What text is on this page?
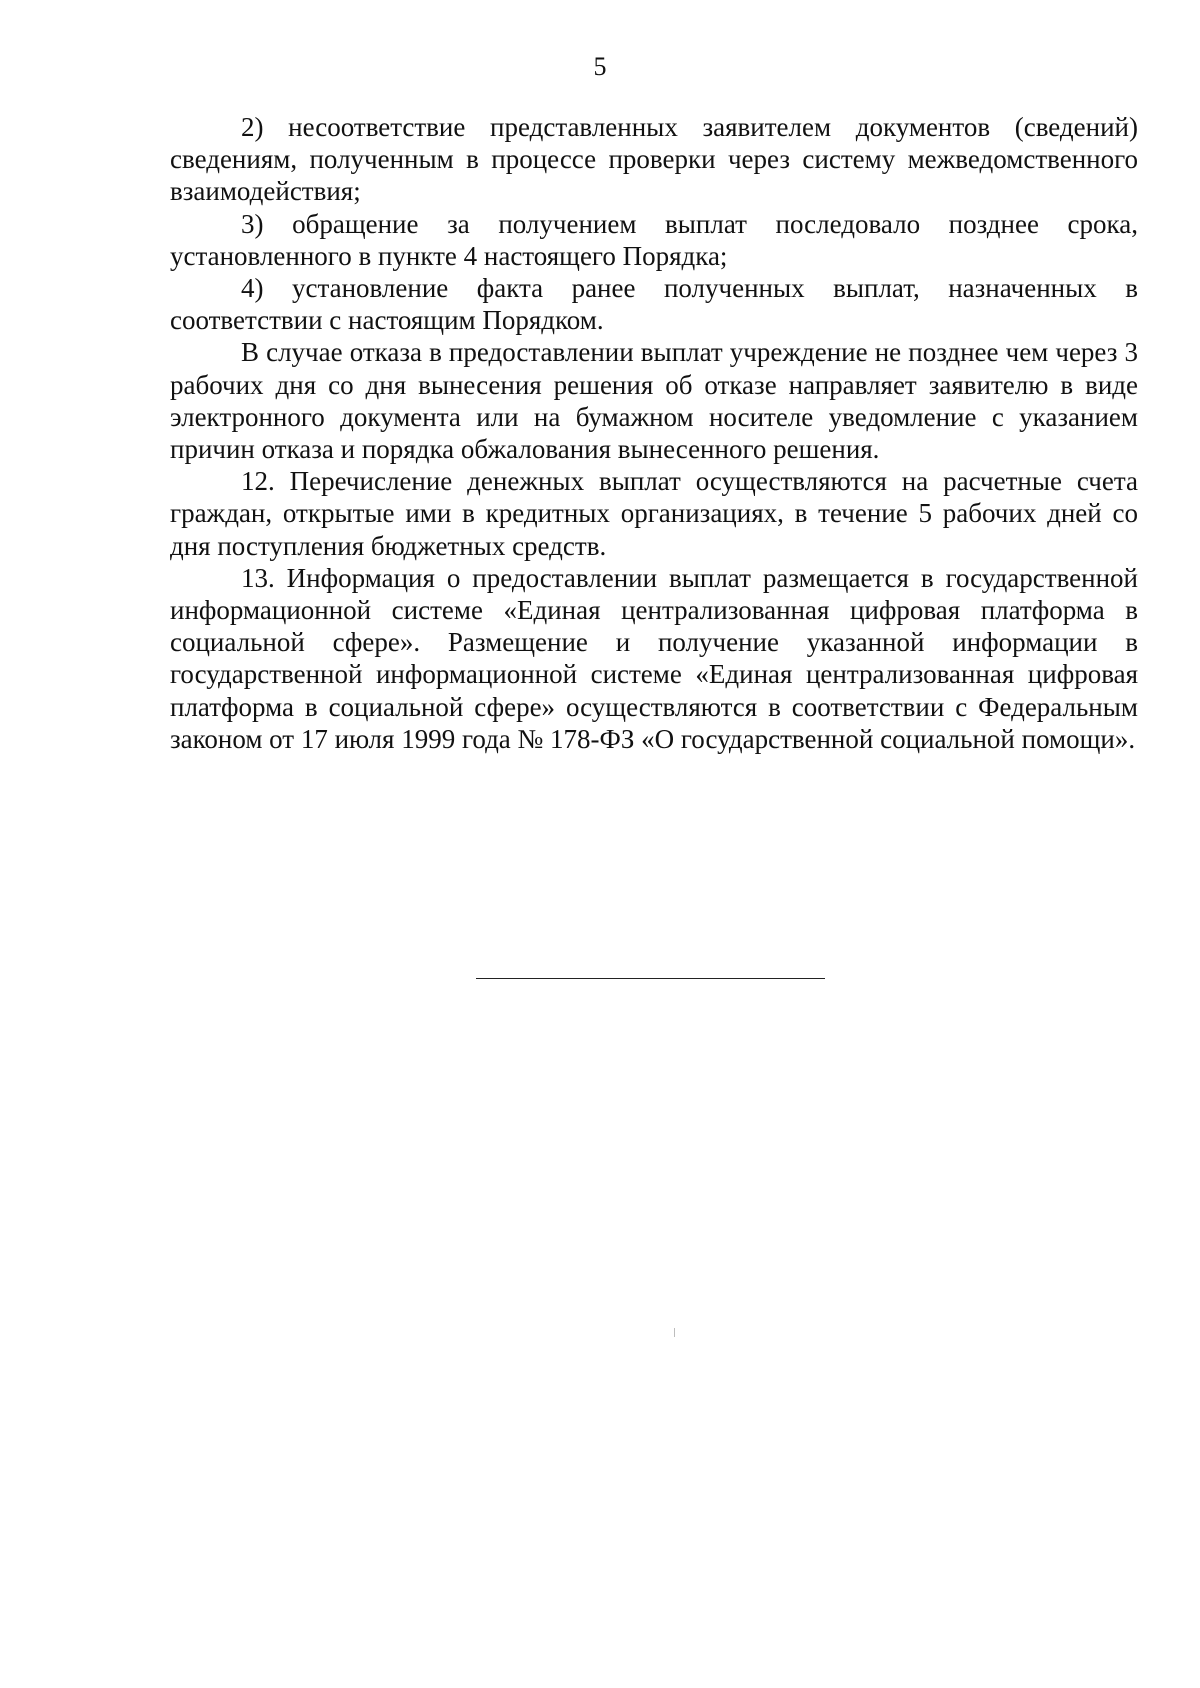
5

2) несоответствие представленных заявителем документов (сведений) сведениям, полученным в процессе проверки через систему межведомственного взаимодействия;

3) обращение за получением выплат последовало позднее срока, установленного в пункте 4 настоящего Порядка;

4) установление факта ранее полученных выплат, назначенных в соответствии с настоящим Порядком.

В случае отказа в предоставлении выплат учреждение не позднее чем через 3 рабочих дня со дня вынесения решения об отказе направляет заявителю в виде электронного документа или на бумажном носителе уведомление с указанием причин отказа и порядка обжалования вынесенного решения.

12. Перечисление денежных выплат осуществляются на расчетные счета граждан, открытые ими в кредитных организациях, в течение 5 рабочих дней со дня поступления бюджетных средств.

13. Информация о предоставлении выплат размещается в государственной информационной системе «Единая централизованная цифровая платформа в социальной сфере». Размещение и получение указанной информации в государственной информационной системе «Единая централизованная цифровая платформа в социальной сфере» осуществляются в соответствии с Федеральным законом от 17 июля 1999 года № 178-ФЗ «О государственной социальной помощи».
